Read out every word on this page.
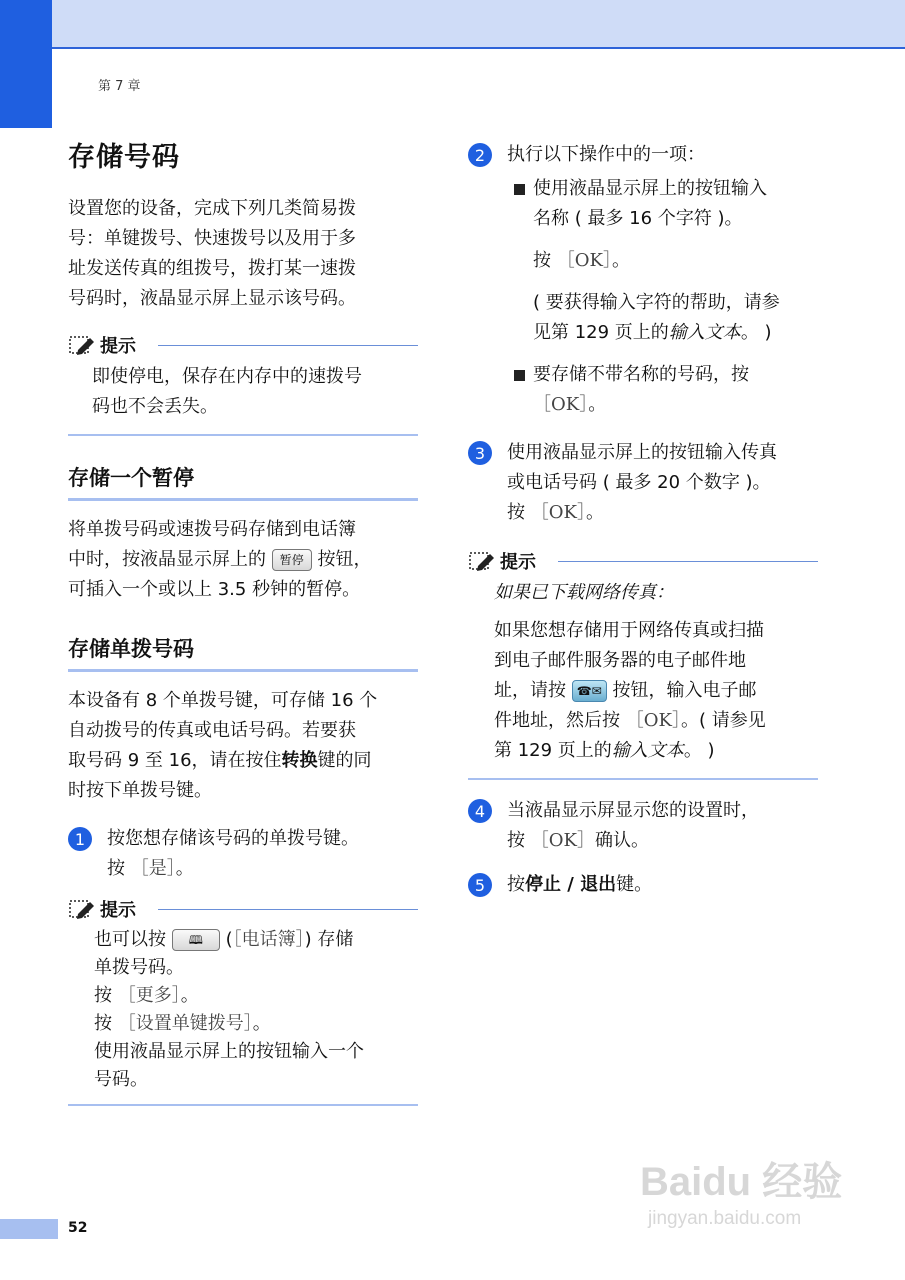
第 7 章
存储号码
设置您的设备，完成下列几类简易拨
号：单键拨号、快速拨号以及用于多
址发送传真的组拨号，拨打某一速拨
号码时，液晶显示屏上显示该号码。
提示
即使停电，保存在内存中的速拨号
码也不会丢失。
存储一个暂停
将单拨号码或速拨号码存储到电话簿
中时，按液晶显示屏上的 暂停 按钮，
可插入一个或以上 3.5 秒钟的暂停。
存储单拨号码
本设备有 8 个单拨号键，可存储 16 个
自动拨号的传真或电话号码。若要获
取号码 9 至 16，请在按住转换键的同
时按下单拨号键。
1	按您想存储该号码的单拨号键。
按 ［是］。
提示
也可以按 🕮 (［电话簿］) 存储
单拨号码。
按 ［更多］。
按 ［设置单键拨号］。
使用液晶显示屏上的按钮输入一个
号码。
2	执行以下操作中的一项：
使用液晶显示屏上的按钮输入
名称 ( 最多 16 个字符 )。
按 ［OK］。
( 要获得输入字符的帮助，请参
见第 129 页上的输入文本。 )
要存储不带名称的号码，按
［OK］。
3	使用液晶显示屏上的按钮输入传真
或电话号码 ( 最多 20 个数字 )。
按 ［OK］。
提示
如果已下载网络传真：
如果您想存储用于网络传真或扫描
到电子邮件服务器的电子邮件地
址，请按 ☎✉ 按钮，输入电子邮
件地址，然后按 ［OK］。( 请参见
第 129 页上的输入文本。 )
4	当液晶显示屏显示您的设置时，
按 ［OK］确认。
5	按停止 / 退出键。
52
Baidu 经验
jingyan.baidu.com
